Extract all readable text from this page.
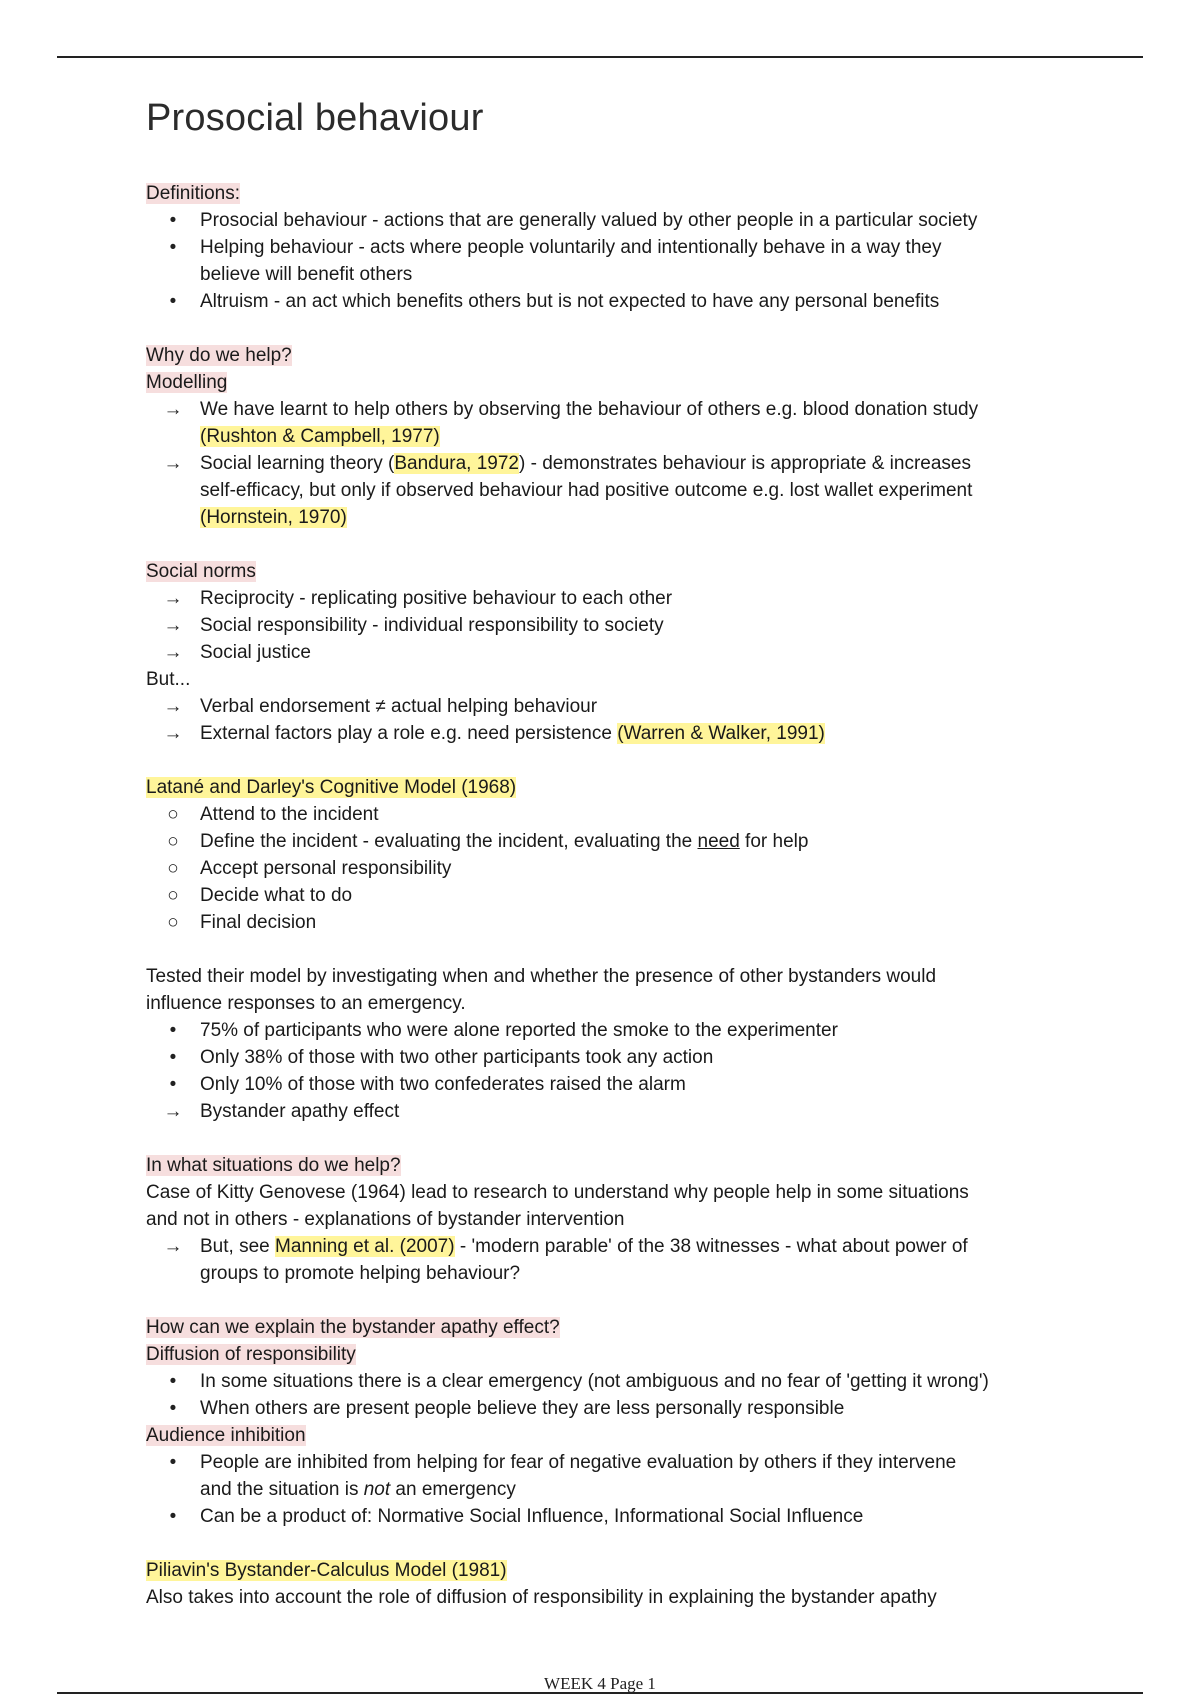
Prosocial behaviour
Definitions:
•	Prosocial behaviour - actions that are generally valued by other people in a particular society
•	Helping behaviour - acts where people voluntarily and intentionally behave in a way they
believe will benefit others
•	Altruism - an act which benefits others but is not expected to have any personal benefits
Why do we help?
Modelling
→ We have learnt to help others by observing the behaviour of others e.g. blood donation study
(Rushton & Campbell, 1977)
→ Social learning theory (Bandura, 1972) - demonstrates behaviour is appropriate & increases
self-efficacy, but only if observed behaviour had positive outcome e.g. lost wallet experiment
(Hornstein, 1970)
Social norms
→ Reciprocity - replicating positive behaviour to each other
→ Social responsibility - individual responsibility to society
→ Social justice
But...
→ Verbal endorsement ≠ actual helping behaviour
→ External factors play a role e.g. need persistence (Warren & Walker, 1991)
Latané and Darley's Cognitive Model (1968)
○	Attend to the incident
○	Define the incident - evaluating the incident, evaluating the need for help
○	Accept personal responsibility
○	Decide what to do
○	Final decision
Tested their model by investigating when and whether the presence of other bystanders would
influence responses to an emergency.
•	75% of participants who were alone reported the smoke to the experimenter
•	Only 38% of those with two other participants took any action
•	Only 10% of those with two confederates raised the alarm
→ Bystander apathy effect
In what situations do we help?
Case of Kitty Genovese (1964) lead to research to understand why people help in some situations
and not in others - explanations of bystander intervention
→ But, see Manning et al. (2007) - 'modern parable' of the 38 witnesses - what about power of
groups to promote helping behaviour?
How can we explain the bystander apathy effect?
Diffusion of responsibility
•	In some situations there is a clear emergency (not ambiguous and no fear of 'getting it wrong')
•	When others are present people believe they are less personally responsible
Audience inhibition
•	People are inhibited from helping for fear of negative evaluation by others if they intervene
and the situation is not an emergency
•	Can be a product of: Normative Social Influence, Informational Social Influence
Piliavin's Bystander-Calculus Model (1981)
Also takes into account the role of diffusion of responsibility in explaining the bystander apathy
WEEK 4 Page 1
